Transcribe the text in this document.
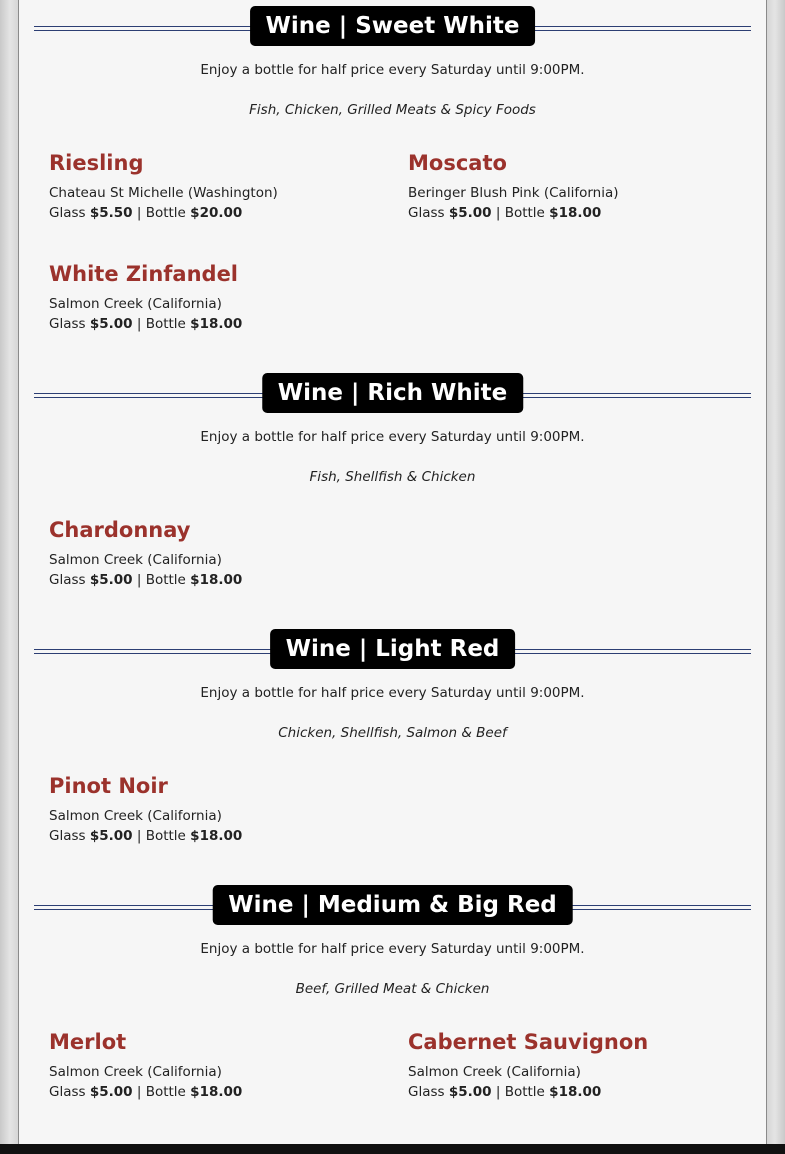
Wine | Sweet White
Enjoy a bottle for half price every Saturday until 9:00PM.
Fish, Chicken, Grilled Meats & Spicy Foods
Riesling
Chateau St Michelle (Washington)
Glass $5.50 | Bottle $20.00
Moscato
Beringer Blush Pink (California)
Glass $5.00 | Bottle $18.00
White Zinfandel
Salmon Creek (California)
Glass $5.00 | Bottle $18.00
Wine | Rich White
Enjoy a bottle for half price every Saturday until 9:00PM.
Fish, Shellfish & Chicken
Chardonnay
Salmon Creek (California)
Glass $5.00 | Bottle $18.00
Wine | Light Red
Enjoy a bottle for half price every Saturday until 9:00PM.
Chicken, Shellfish, Salmon & Beef
Pinot Noir
Salmon Creek (California)
Glass $5.00 | Bottle $18.00
Wine | Medium & Big Red
Enjoy a bottle for half price every Saturday until 9:00PM.
Beef, Grilled Meat & Chicken
Merlot
Salmon Creek (California)
Glass $5.00 | Bottle $18.00
Cabernet Sauvignon
Salmon Creek (California)
Glass $5.00 | Bottle $18.00
